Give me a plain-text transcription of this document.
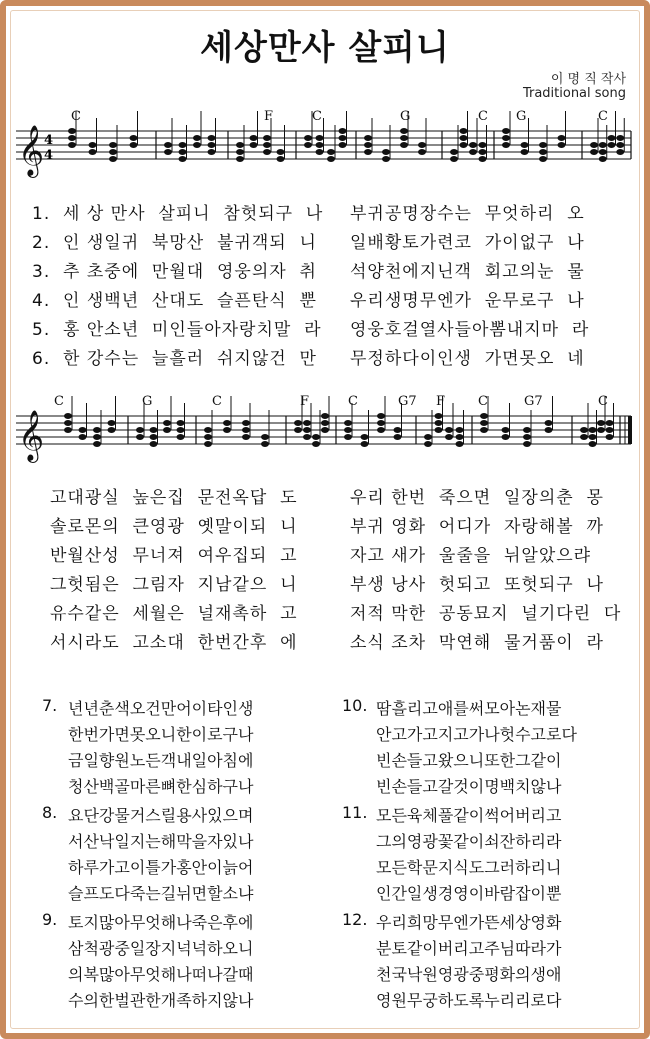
세상만사 살피니
이 명 직 작사
Traditional song
𝄞 4
4
C	F	C	G	C G	C
1.  세 상 만사  살피니  참헛되구  나 부귀공명장수는  무엇하리  오
2.  인 생일귀  북망산  불귀객되  니 일배황토가련코  가이없구  나
3.  추 초중에  만월대  영웅의자  취 석양천에지닌객  회고의눈  물
4.  인 생백년  산대도  슬픈탄식  뿐 우리생명무엔가  운무로구  나
5.  홍 안소년  미인들아자랑치말  라 영웅호걸열사들아뽐내지마  라
6.  한 강수는  늘흘러  쉬지않건  만 무정하다이인생  가면못오  네
𝄞
C	G	C	F	C	G7 F	C	G7	C
고대광실  높은집  문전옥답  도	우리 한번  죽으면  일장의춘  몽
솔로몬의  큰영광  옛말이되  니	부귀 영화  어디가  자랑해볼  까
반월산성  무너져  여우집되  고	자고 새가  울줄을  뉘알았으랴
그헛됨은  그림자  지남같으  니	부생 낭사  헛되고  또헛되구  나
유수같은  세월은  널재촉하  고	저적 막한  공동묘지  널기다린  다
서시라도  고소대  한번간후  에	소식 조차  막연해  물거품이  라
7. 년년춘색오건만어이타인생
한번가면못오니한이로구나
금일향원노든객내일아침에
청산백골마른뼈한심하구나
8. 요단강물거스릴용사있으며
서산낙일지는해막을자있나
하루가고이틀가홍안이늙어
슬프도다죽는길뉘면할소냐
9. 토지많아무엇해나죽은후에
삼척광중일장지넉넉하오니
의복많아무엇해나떠나갈때
수의한벌관한개족하지않나
10. 땀흘리고애를써모아논재물
안고가고지고가나헛수고로다
빈손들고왔으니또한그같이
빈손들고갈것이명백치않나
11. 모든육체풀같이썩어버리고
그의영광꽃같이쇠잔하리라
모든학문지식도그러하리니
인간일생경영이바람잡이뿐
12. 우리희망무엔가뜬세상영화
분토같이버리고주님따라가
천국낙원영광중평화의생애
영원무궁하도록누리리로다
